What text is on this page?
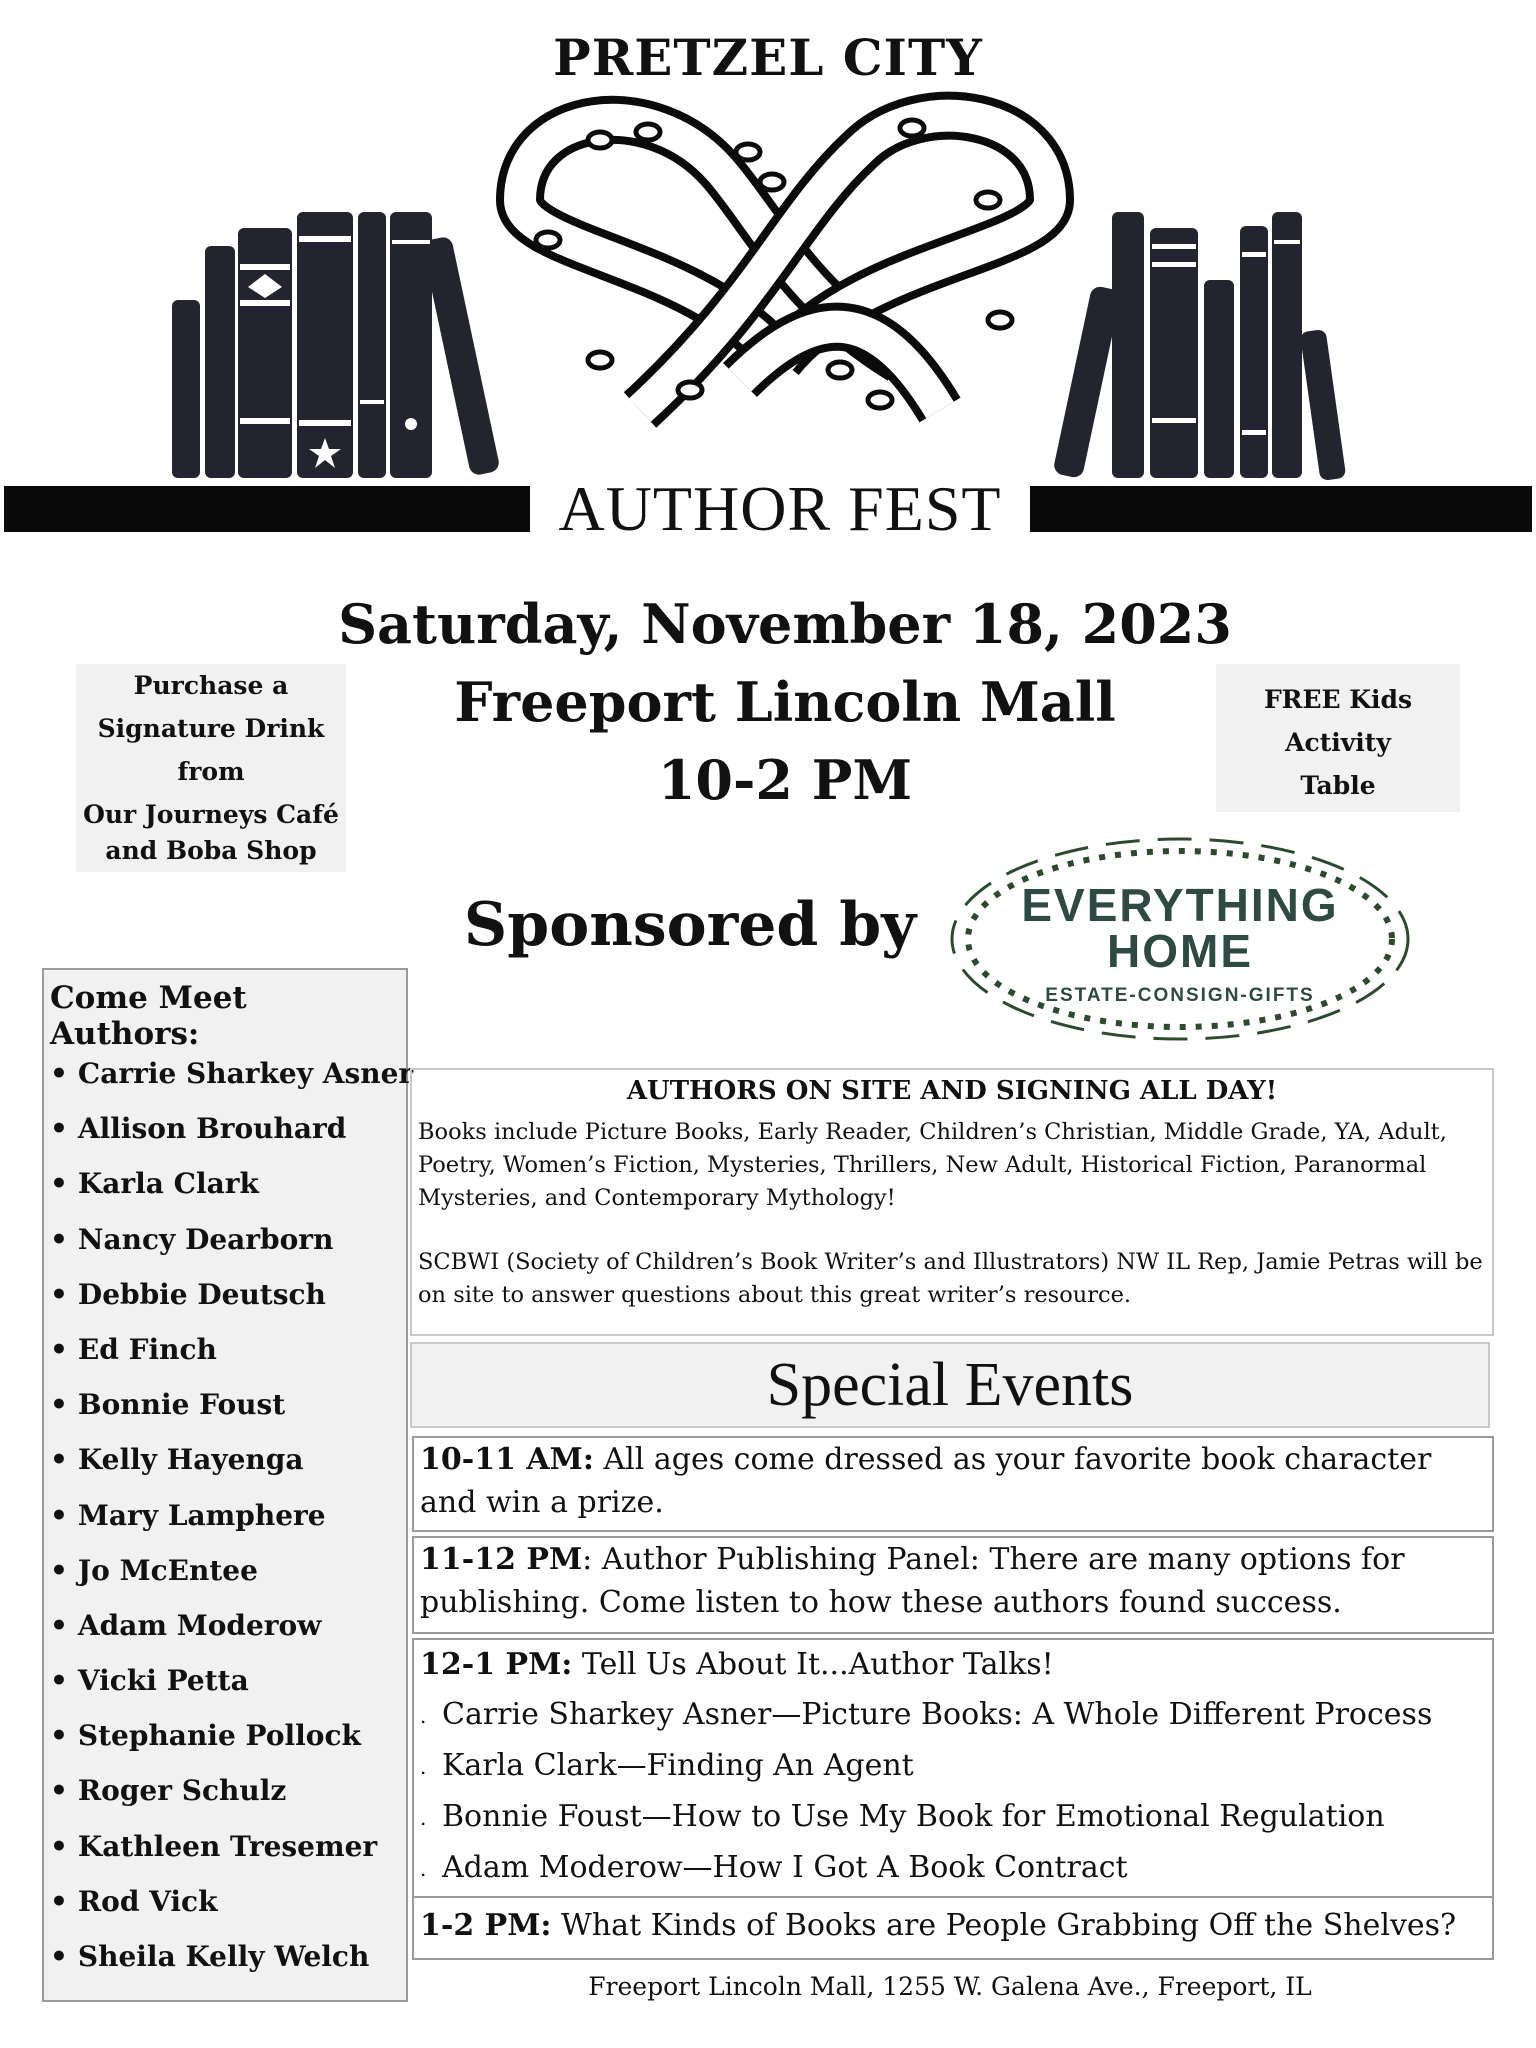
PRETZEL CITY
AUTHOR FEST
Saturday, November 18, 2023
Freeport Lincoln Mall
10-2 PM
Purchase a
Signature Drink
from
Our Journeys Café
and Boba Shop
FREE Kids
Activity
Table
Sponsored by	EVERYTHING
HOME
ESTATE-CONSIGN-GIFTS
Come Meet Authors:
• Carrie Sharkey Asner
• Allison Brouhard
• Karla Clark
• Nancy Dearborn
• Debbie Deutsch
• Ed Finch
• Bonnie Foust
• Kelly Hayenga
• Mary Lamphere
• Jo McEntee
• Adam Moderow
• Vicki Petta
• Stephanie Pollock
• Roger Schulz
• Kathleen Tresemer
• Rod Vick
• Sheila Kelly Welch
AUTHORS ON SITE AND SIGNING ALL DAY!

Books include Picture Books, Early Reader, Children’s Christian, Middle Grade, YA, Adult, Poetry, Women’s Fiction, Mysteries, Thrillers, New Adult, Historical Fiction, Paranormal Mysteries, and Contemporary Mythology!

SCBWI (Society of Children’s Book Writer’s and Illustrators) NW IL Rep, Jamie Petras will be on site to answer questions about this great writer’s resource.

Special Events
10-11 AM: All ages come dressed as your favorite book character and win a prize.
11-12 PM: Author Publishing Panel: There are many options for publishing. Come listen to how these authors found success.
12-1 PM: Tell Us About It...Author Talks!
. Carrie Sharkey Asner—Picture Books: A Whole Different Process
. Karla Clark—Finding An Agent
. Bonnie Foust—How to Use My Book for Emotional Regulation
. Adam Moderow—How I Got A Book Contract
1-2 PM: What Kinds of Books are People Grabbing Off the Shelves?
Freeport Lincoln Mall, 1255 W. Galena Ave., Freeport, IL
